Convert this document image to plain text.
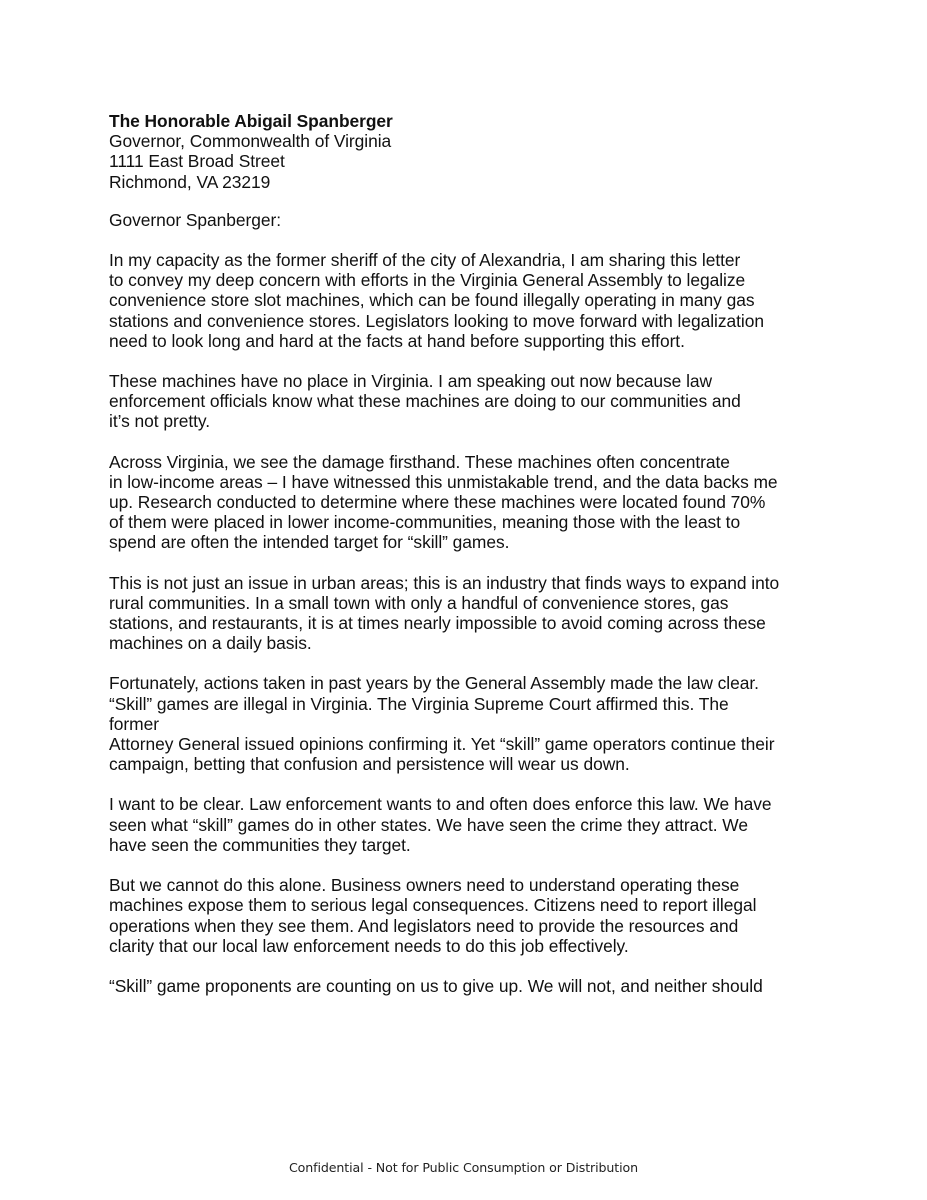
The Honorable Abigail Spanberger
Governor, Commonwealth of Virginia
1111 East Broad Street
Richmond, VA 23219
Governor Spanberger:
In my capacity as the former sheriff of the city of Alexandria, I am sharing this letter
to convey my deep concern with efforts in the Virginia General Assembly to legalize
convenience store slot machines, which can be found illegally operating in many gas
stations and convenience stores. Legislators looking to move forward with legalization
need to look long and hard at the facts at hand before supporting this effort.
These machines have no place in Virginia. I am speaking out now because law
enforcement officials know what these machines are doing to our communities and
it’s not pretty.
Across Virginia, we see the damage firsthand. These machines often concentrate
in low-income areas – I have witnessed this unmistakable trend, and the data backs me
up. Research conducted to determine where these machines were located found 70%
of them were placed in lower income-communities, meaning those with the least to
spend are often the intended target for “skill” games.
This is not just an issue in urban areas; this is an industry that finds ways to expand into
rural communities. In a small town with only a handful of convenience stores, gas
stations, and restaurants, it is at times nearly impossible to avoid coming across these
machines on a daily basis.
Fortunately, actions taken in past years by the General Assembly made the law clear.
“Skill” games are illegal in Virginia. The Virginia Supreme Court affirmed this. The
former
Attorney General issued opinions confirming it. Yet “skill” game operators continue their
campaign, betting that confusion and persistence will wear us down.
I want to be clear. Law enforcement wants to and often does enforce this law. We have
seen what “skill” games do in other states. We have seen the crime they attract. We
have seen the communities they target.
But we cannot do this alone. Business owners need to understand operating these
machines expose them to serious legal consequences. Citizens need to report illegal
operations when they see them. And legislators need to provide the resources and
clarity that our local law enforcement needs to do this job effectively.
“Skill” game proponents are counting on us to give up. We will not, and neither should
Confidential - Not for Public Consumption or Distribution
